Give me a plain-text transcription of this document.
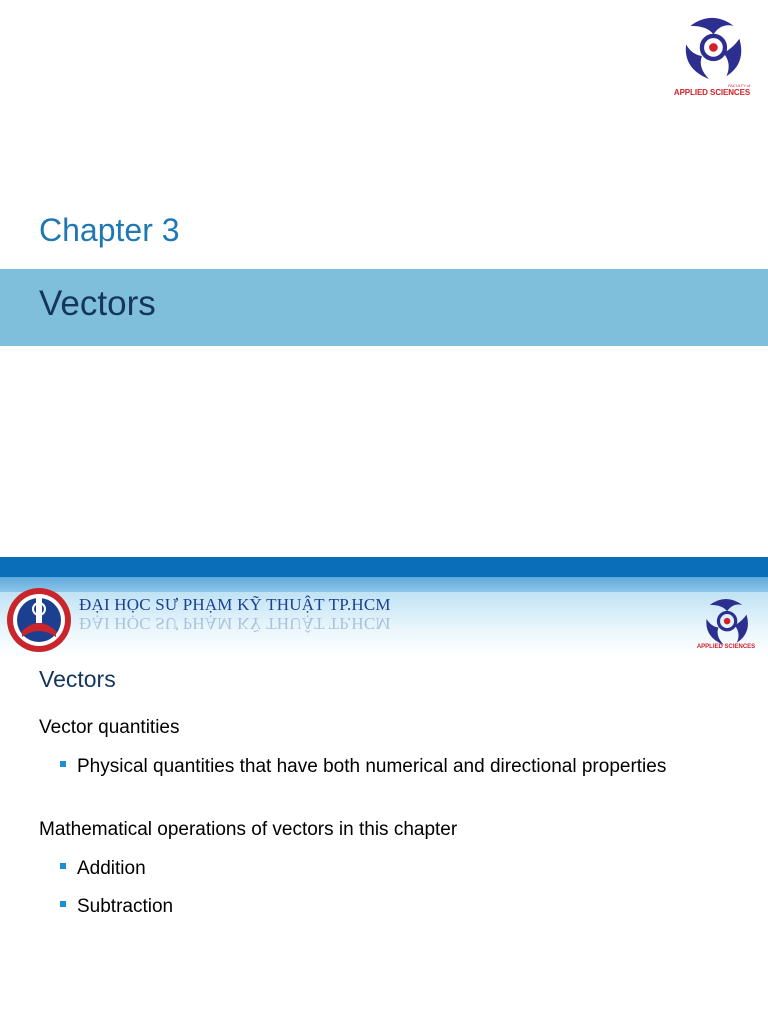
FACULTY of
APPLIED SCIENCES
Chapter 3
Vectors
ĐẠI HỌC SƯ PHẠM KỸ THUẬT TP.HCM
ĐẠI HỌC SƯ PHẠM KỸ THUẬT TP.HCM
APPLIED SCIENCES
Vectors
Vector quantities
Physical quantities that have both numerical and directional properties
Mathematical operations of vectors in this chapter
Addition
Subtraction
